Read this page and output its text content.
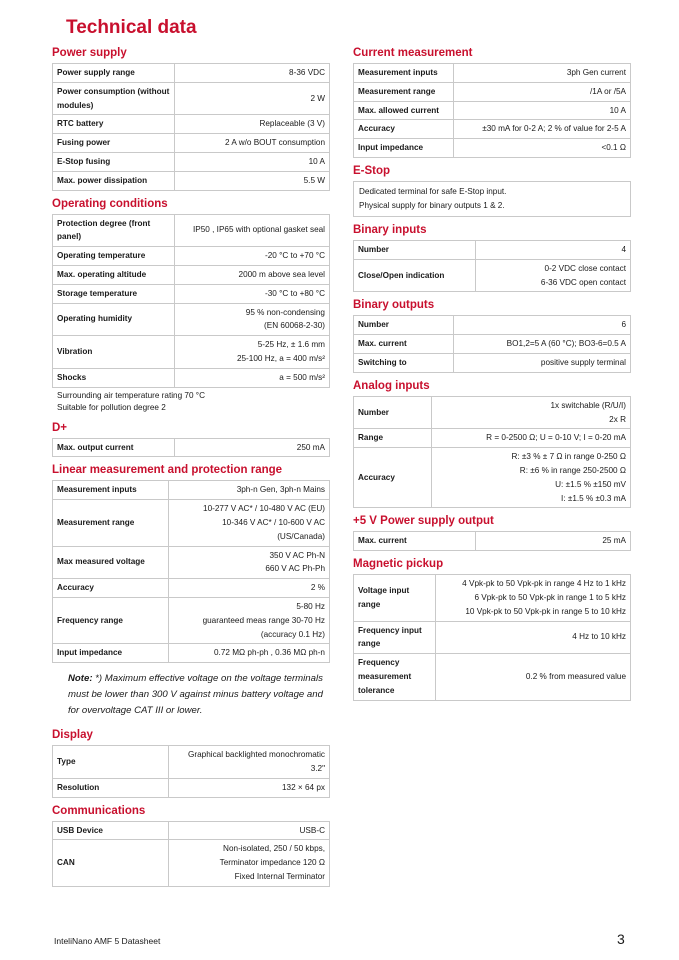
Technical data
Power supply
Power supply range	8-36 VDC

Power consumption (without modules)	2 W

RTC battery	Replaceable (3 V)

Fusing power	2 A w/o BOUT consumption

E-Stop fusing	10 A

Max. power dissipation	5.5 W
Operating conditions
Protection degree (front panel)	IP50 , IP65 with optional gasket seal

Operating temperature	-20 °C to +70 °C

Max. operating altitude	2000 m above sea level

Storage temperature	-30 °C to +80 °C

Operating humidity	95 % non-condensing
(EN 60068-2-30)

Vibration	5-25 Hz, ± 1.6 mm
25-100 Hz, a = 400 m/s²

Shocks	a = 500 m/s²
Surrounding air temperature rating 70 °C
Suitable for pollution degree 2
D+
Max. output current	250 mA
Linear measurement and protection range
Measurement inputs	3ph-n Gen, 3ph-n Mains

Measurement range	10-277 V AC* / 10-480 V AC (EU)
10-346 V AC* / 10-600 V AC
(US/Canada)

Max measured voltage	350 V AC Ph-N
660 V AC Ph-Ph

Accuracy	2 %

Frequency range	5-80 Hz
guaranteed meas range 30-70 Hz
(accuracy 0.1 Hz)

Input impedance	0.72 MΩ ph-ph , 0.36 MΩ ph-n
Note: *) Maximum effective voltage on the voltage terminals must be lower than 300 V against minus battery voltage and for overvoltage CAT III or lower.
Display
Type	Graphical backlighted monochromatic
3.2"

Resolution	132 × 64 px
Communications
USB Device	USB-C

CAN	Non-isolated, 250 / 50 kbps,
Terminator impedance 120 Ω
Fixed Internal Terminator
Current measurement
Measurement inputs	3ph Gen current

Measurement range	/1A or /5A

Max. allowed current	10 A

Accuracy	±30 mA for 0-2 A; 2 % of value for 2-5 A

Input impedance	<0.1 Ω
E-Stop
Dedicated terminal for safe E-Stop input.
Physical supply for binary outputs 1 & 2.
Binary inputs
Number	4

Close/Open indication	0-2 VDC close contact
6-36 VDC open contact
Binary outputs
Number	6

Max. current	BO1,2=5 A (60 °C); BO3-6=0.5 A

Switching to	positive supply terminal
Analog inputs
Number	1x switchable (R/U/I)
2x R

Range	R = 0-2500 Ω; U = 0-10 V; I = 0-20 mA

Accuracy	R: ±3 % ± 7 Ω in range 0-250 Ω
R: ±6 % in range 250-2500 Ω
U: ±1.5 % ±150 mV
I: ±1.5 % ±0.3 mA
+5 V Power supply output
Max. current	25 mA
Magnetic pickup
Voltage input range	4 Vpk-pk to 50 Vpk-pk in range 4 Hz to 1 kHz
6 Vpk-pk to 50 Vpk-pk in range 1 to 5 kHz
10 Vpk-pk to 50 Vpk-pk in range 5 to 10 kHz

Frequency input range	4 Hz to 10 kHz

Frequency measurement tolerance	0.2 % from measured value
InteliNano AMF 5 Datasheet	3
